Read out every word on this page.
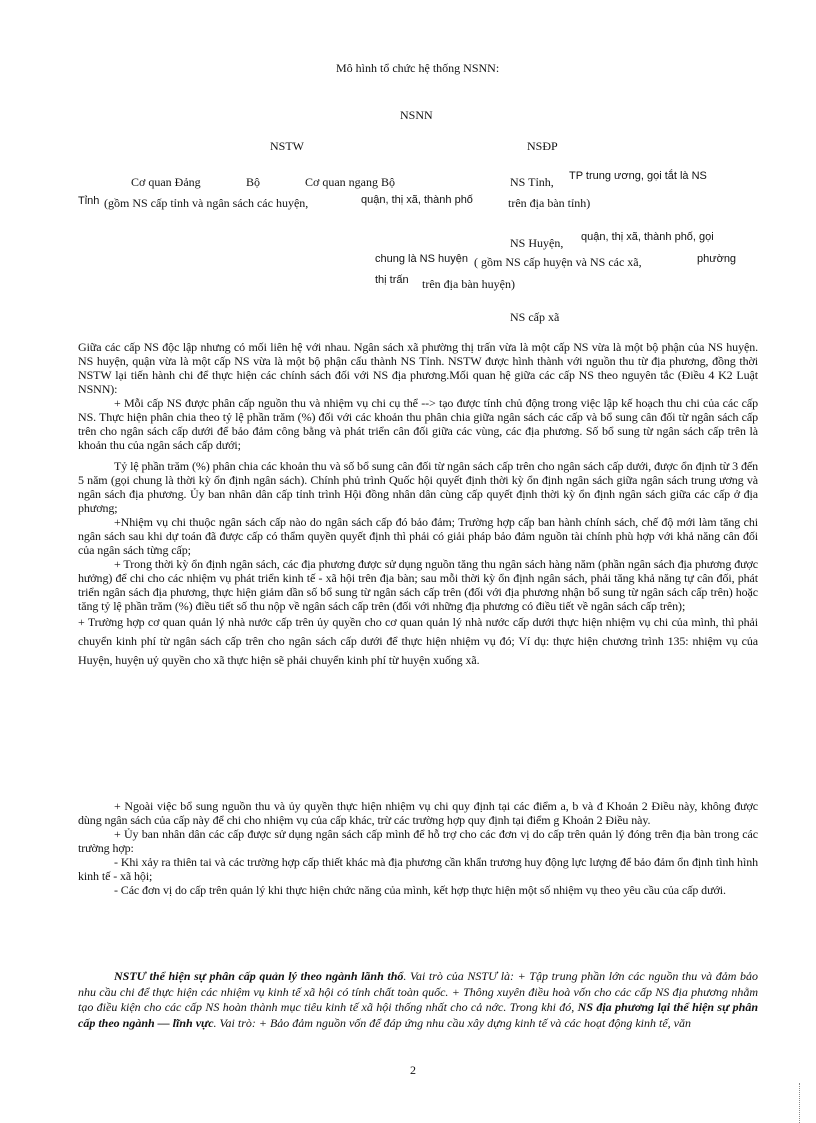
Mô hình tổ chức hệ thống NSNN:
NSNN
NSTW	NSĐP
Cơ quan Đảng	Bộ	Cơ quan ngang Bộ	NS Tỉnh, TP trung ương, gọi tắt là NS
Tỉnh (gồm NS cấp tỉnh và ngân sách các huyện,	quận, thị xã, thành phố	trên địa bàn tỉnh)
NS Huyện, quận, thị xã, thành phố, gọi
chung là NS huyện ( gồm NS cấp huyện và NS các xã,	phường
thị trấn trên địa bàn huyện)
NS cấp xã

Giữa các cấp NS độc lập nhưng có mối liên hệ với nhau. Ngân sách xã phường thị trấn vừa là một cấp NS vừa là một bộ phận của NS huyện. NS huyện, quận vừa là một cấp NS vừa là một bộ phận cấu thành NS Tỉnh. NSTW được hình thành với nguồn thu từ địa phương, đồng thời NSTW lại tiến hành chi để thực hiện các chính sách đối với NS địa phương.Mối quan hệ giữa các cấp NS theo nguyên tắc (Điều 4 K2 Luật NSNN):

+ Mỗi cấp NS được phân cấp nguồn thu và nhiệm vụ chi cụ thể --> tạo được tính chủ động trong việc lập kế hoạch thu chi của các cấp NS. Thực hiện phân chia theo tỷ lệ phần trăm (%) đối với các khoản thu phân chia giữa ngân sách các cấp và bổ sung cân đối từ ngân sách cấp trên cho ngân sách cấp dưới để bảo đảm công bằng và phát triển cân đối giữa các vùng, các địa phương. Số bổ sung từ ngân sách cấp trên là khoản thu của ngân sách cấp dưới;

Tỷ lệ phần trăm (%) phân chia các khoản thu và số bổ sung cân đối từ ngân sách cấp trên cho ngân sách cấp dưới, được ổn định từ 3 đến 5 năm (gọi chung là thời kỳ ổn định ngân sách). Chính phủ trình Quốc hội quyết định thời kỳ ổn định ngân sách giữa ngân sách trung ương và ngân sách địa phương. Ủy ban nhân dân cấp tỉnh trình Hội đồng nhân dân cùng cấp quyết định thời kỳ ổn định ngân sách giữa các cấp ở địa phương;

+Nhiệm vụ chi thuộc ngân sách cấp nào do ngân sách cấp đó bảo đảm; Trường hợp cấp ban hành chính sách, chế độ mới làm tăng chi ngân sách sau khi dự toán đã được cấp có thẩm quyền quyết định thì phải có giải pháp bảo đảm nguồn tài chính phù hợp với khả năng cân đối của ngân sách từng cấp;

+ Trong thời kỳ ổn định ngân sách, các địa phương được sử dụng nguồn tăng thu ngân sách hàng năm (phần ngân sách địa phương được hưởng) để chi cho các nhiệm vụ phát triển kinh tế - xã hội trên địa bàn; sau mỗi thời kỳ ổn định ngân sách, phải tăng khả năng tự cân đối, phát triển ngân sách địa phương, thực hiện giảm dần số bổ sung từ ngân sách cấp trên (đối với địa phương nhận bổ sung từ ngân sách cấp trên) hoặc tăng tỷ lệ phần trăm (%) điều tiết số thu nộp về ngân sách cấp trên (đối với những địa phương có điều tiết về ngân sách cấp trên);

+ Trường hợp cơ quan quản lý nhà nước cấp trên ủy quyền cho cơ quan quản lý nhà nước cấp dưới thực hiện nhiệm vụ chi của mình, thì phải chuyển kinh phí từ ngân sách cấp trên cho ngân sách cấp dưới để thực hiện nhiệm vụ đó; Ví dụ: thực hiện chương trình 135: nhiệm vụ của Huyện, huyện uỷ quyền cho xã thực hiện sẽ phải chuyển kinh phí từ huyện xuống xã.

+ Ngoài việc bổ sung nguồn thu và ủy quyền thực hiện nhiệm vụ chi quy định tại các điểm a, b và đ Khoản 2 Điều này, không được dùng ngân sách của cấp này để chi cho nhiệm vụ của cấp khác, trừ các trường hợp quy định tại điểm g Khoản 2 Điều này.

+ Ủy ban nhân dân các cấp được sử dụng ngân sách cấp mình để hỗ trợ cho các đơn vị do cấp trên quản lý đóng trên địa bàn trong các trường hợp:

- Khi xảy ra thiên tai và các trường hợp cấp thiết khác mà địa phương cần khẩn trương huy động lực lượng để bảo đảm ổn định tình hình kinh tế - xã hội;

- Các đơn vị do cấp trên quản lý khi thực hiện chức năng của mình, kết hợp thực hiện một số nhiệm vụ theo yêu cầu của cấp dưới.

NSTƯ thể hiện sự phân cấp quản lý theo ngành lãnh thổ. Vai trò của NSTƯ là: + Tập trung phần lớn các nguồn thu và đảm bảo nhu cầu chi để thực hiện các nhiệm vụ kinh tế xã hội có tính chất toàn quốc. + Thông xuyên điều hoà vốn cho các cấp NS địa phương nhằm tạo điều kiện cho các cấp NS hoàn thành mục tiêu kinh tế xã hội thống nhất cho cả nớc. Trong khi đó, NS địa phương lại thể hiện sự phân cấp theo ngành — lĩnh vực. Vai trò: + Bảo đảm nguồn vốn để đáp ứng nhu cầu xây dựng kinh tế và các hoạt động kinh tế, văn
2
